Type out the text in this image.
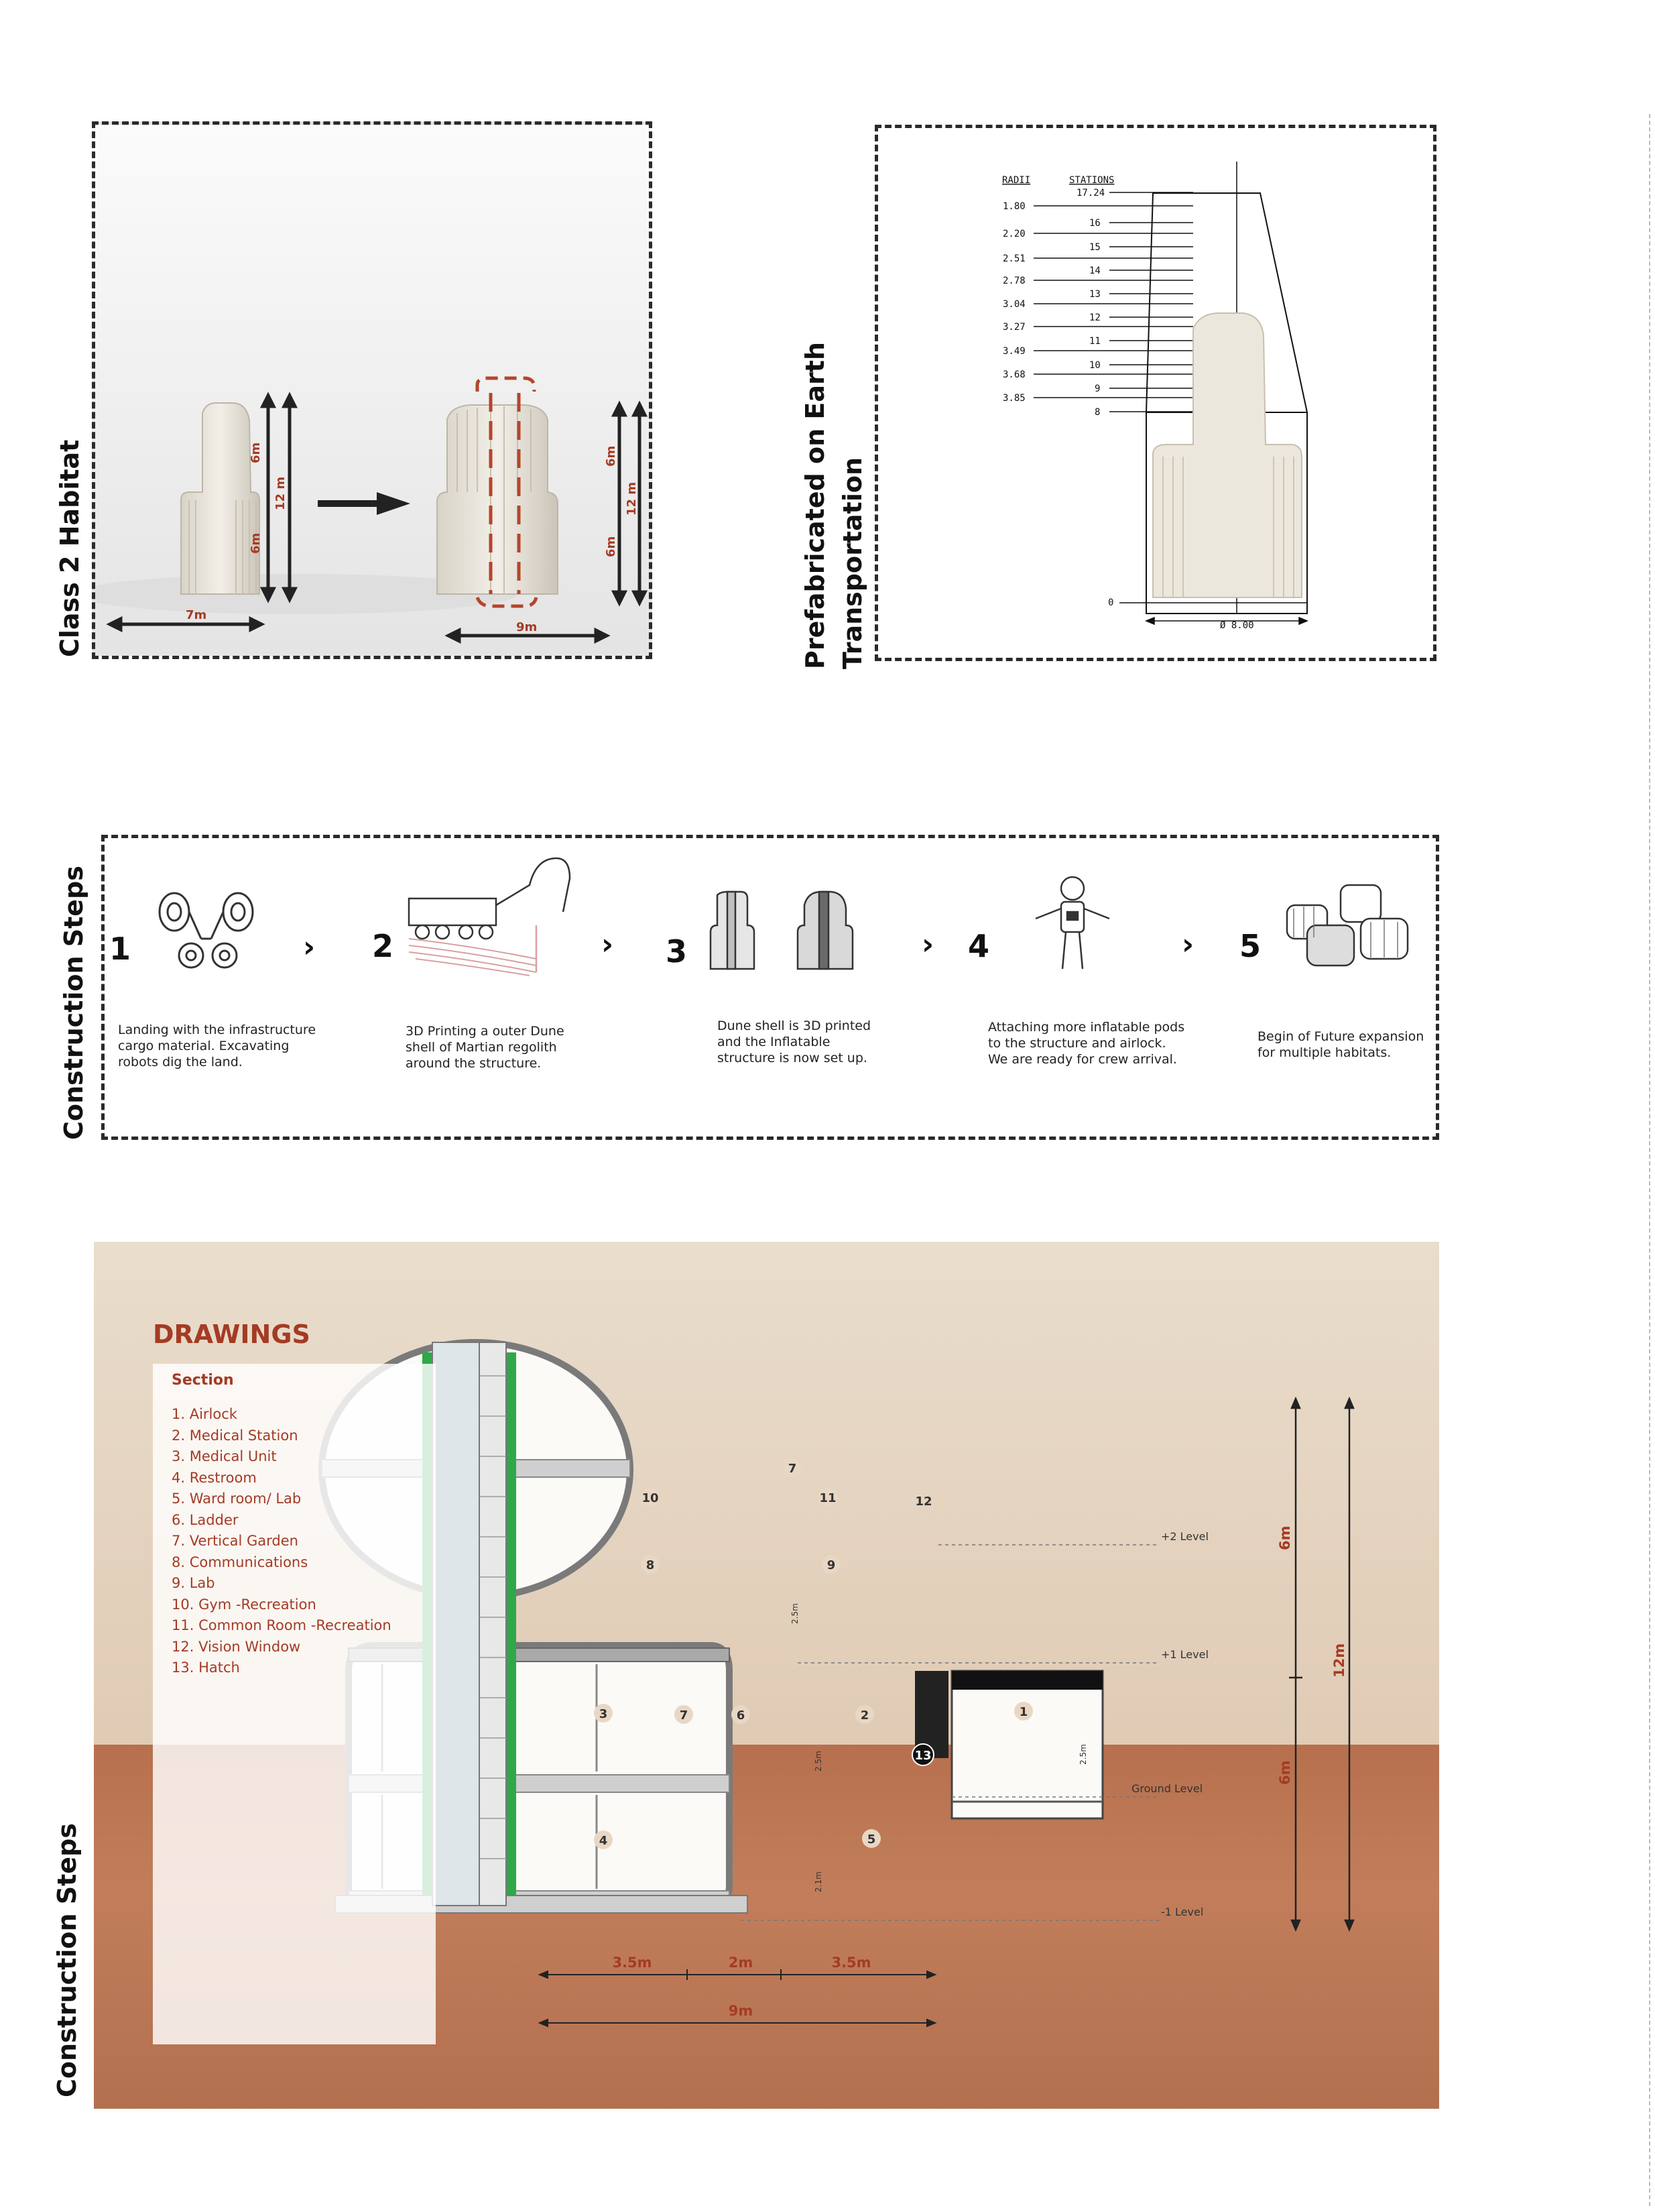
6m
6m
12 m
7m
6m
6m
12 m
9m
Class 2 Habitat
RADII	STATIONS
17.24
1.80
16
2.20
15
2.51
14
2.78
13
3.04
12
3.27
11
3.49
10
3.68
9
3.85
8
0
Ø 8.00
Prefabricated on Earth Transportation
Construction Steps 1	› 2	› 3	› 4	› 5
Landing with the infrastructure cargo material. Excavating robots dig the land.
3D Printing a outer Dune shell of Martian regolith around the structure.
Dune shell is 3D printed and the Inflatable structure is now set up.
Attaching more inflatable pods to the structure and airlock. We are ready for crew arrival.
Begin of Future expansion for multiple habitats.
1
2
3
4	5
6
7
7
8	9
10	11	12
13
+2 Level
+1 Level
Ground Level
-1 Level
6m
6m
12m
3.5m	2m	3.5m
9m
2.5m
2.5m	2.5m
2.1m
DRAWINGS
Section
1. Airlock
2. Medical Station
3. Medical Unit
4. Restroom
5. Ward room/ Lab
6. Ladder
7. Vertical Garden
8. Communications
9. Lab
10. Gym -Recreation
11. Common Room -Recreation
12. Vision Window
13. Hatch
Construction Steps
